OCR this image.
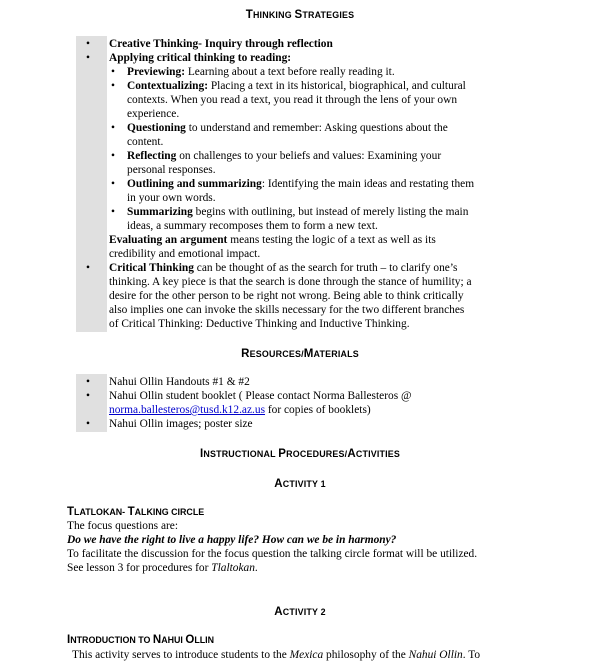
THINKING STRATEGIES
• Creative Thinking- Inquiry through reflection
• Applying critical thinking to reading:
• Previewing: Learning about a text before really reading it.
• Contextualizing: Placing a text in its historical, biographical, and cultural
contexts. When you read a text, you read it through the lens of your own
experience.
• Questioning to understand and remember: Asking questions about the
content.
• Reflecting on challenges to your beliefs and values: Examining your
personal responses.
• Outlining and summarizing: Identifying the main ideas and restating them
in your own words.
• Summarizing begins with outlining, but instead of merely listing the main
ideas, a summary recomposes them to form a new text.
Evaluating an argument means testing the logic of a text as well as its
credibility and emotional impact.
• Critical Thinking can be thought of as the search for truth – to clarify one’s
thinking. A key piece is that the search is done through the stance of humility; a
desire for the other person to be right not wrong. Being able to think critically
also implies one can invoke the skills necessary for the two different branches
of Critical Thinking: Deductive Thinking and Inductive Thinking.
RESOURCES/MATERIALS
• Nahui Ollin Handouts #1 & #2
• Nahui Ollin student booklet ( Please contact Norma Ballesteros @
norma.ballesteros@tusd.k12.az.us for copies of booklets)
• Nahui Ollin images; poster size
INSTRUCTIONAL PROCEDURES/ACTIVITIES
ACTIVITY 1
TLATLOKAN- TALKING CIRCLE
The focus questions are:
Do we have the right to live a happy life? How can we be in harmony?
To facilitate the discussion for the focus question the talking circle format will be utilized.
See lesson 3 for procedures for Tlaltokan.
ACTIVITY 2
INTRODUCTION TO NAHUI OLLIN
This activity serves to introduce students to the Mexica philosophy of the Nahui Ollin. To
